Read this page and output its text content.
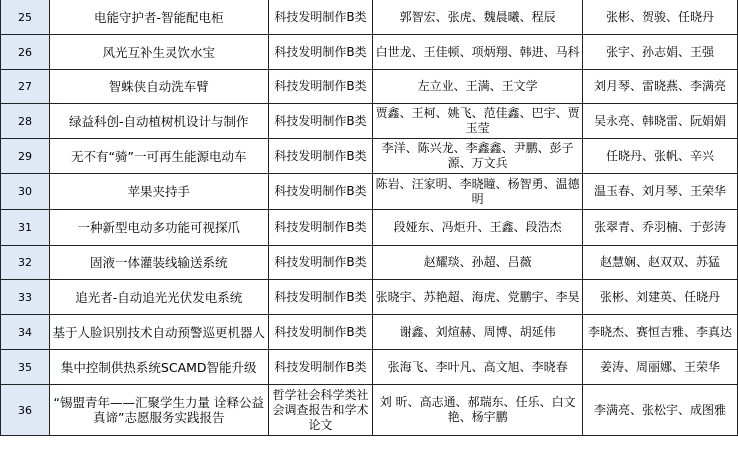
25	电能守护者-智能配电柜	科技发明制作B类	郭智宏、张虎、魏晨曦、程辰	张彬、贺骏、任晓丹
26	风光互补生灵饮水宝	科技发明制作B类	白世龙、王佳顿、项炳翔、韩进、马科	张宇、孙志娟、王强
27	智蛛侠自动洗车臂	科技发明制作B类	左立业、王满、王文学	刘月琴、雷晓燕、李满亮
28	绿益科创-自动植树机设计与制作	科技发明制作B类	贾鑫、王柯、姚飞、范佳鑫、巴宇、贾玉莹	吴永亮、韩晓雷、阮娟娟
29	无不有“骑”一可再生能源电动车	科技发明制作B类	李洋、陈兴龙、李鑫鑫、尹鹏、彭子源、万文兵	任晓丹、张帆、辛兴
30	苹果夹持手	科技发明制作B类	陈岩、汪家明、李晓瞳、杨智勇、温德明	温玉春、刘月琴、王荣华
31	一种新型电动多功能可视探爪	科技发明制作B类	段娅东、冯炬升、王鑫、段浩杰	张翠青、乔羽楠、于彭涛
32	固液一体灌装线输送系统	科技发明制作B类	赵耀琰、孙超、吕薇	赵慧娴、赵双双、苏猛
33	追光者-自动追光光伏发电系统	科技发明制作B类	张晓宇、苏艳超、海虎、党鹏宇、李昊	张彬、刘建英、任晓丹
34	基于人脸识别技术自动预警巡更机器人	科技发明制作B类	谢鑫、刘煊赫、周博、胡延伟	李晓杰、赛恒吉雅、李真达
35	集中控制供热系统SCAMD智能升级	科技发明制作B类	张海飞、李叶凡、高文旭、李晓春	姜涛、周丽娜、王荣华
36	“锡盟青年——汇聚学生力量 诠释公益真谛”志愿服务实践报告	哲学社会科学类社会调查报告和学术论文	刘 昕、高志通、郝瑞东、任乐、白文艳、杨宇鹏	李满亮、张松宇、成图雅
